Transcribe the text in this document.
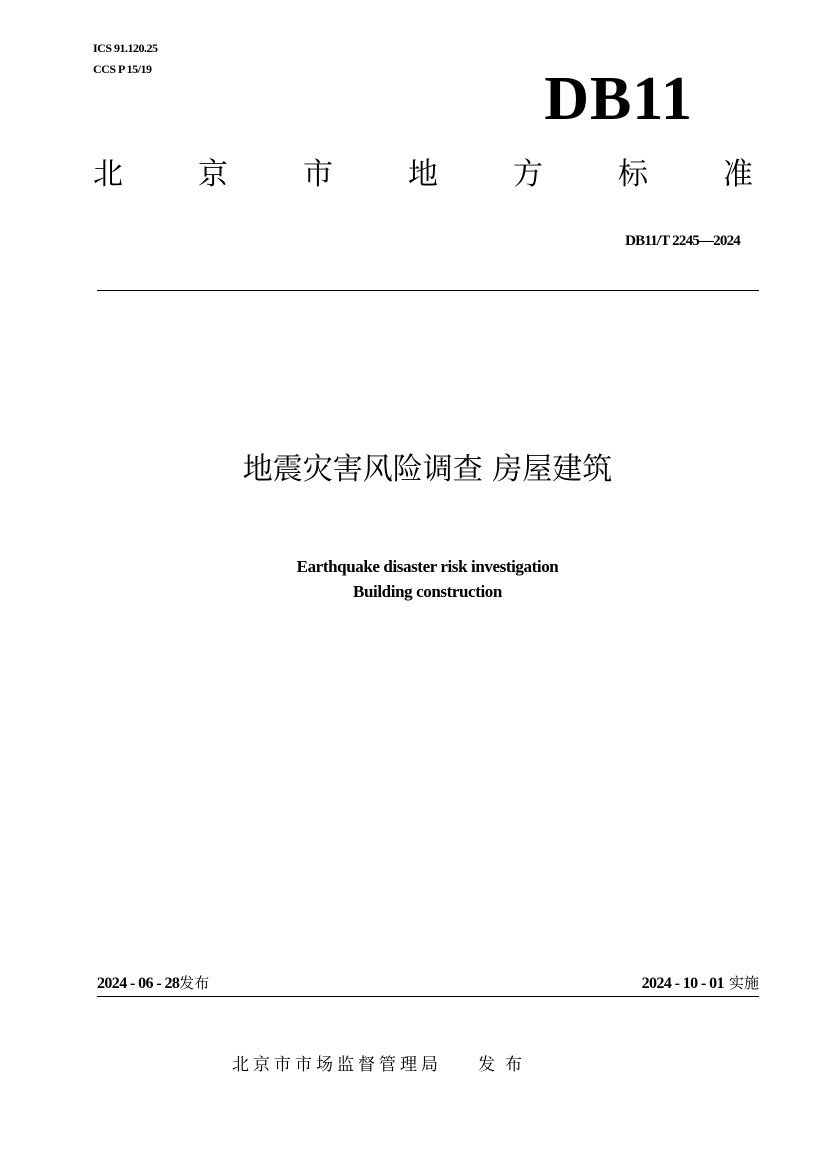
ICS 91.120.25
CCS P 15/19	DB11
北	京	市	地	方	标	准
DB11/T 2245—2024
地震灾害风险调查 房屋建筑
Earthquake disaster risk investigation
Building construction
2024 - 06 - 28发布	2024 - 10 - 01 实施
北京市市场监督管理局 发布
